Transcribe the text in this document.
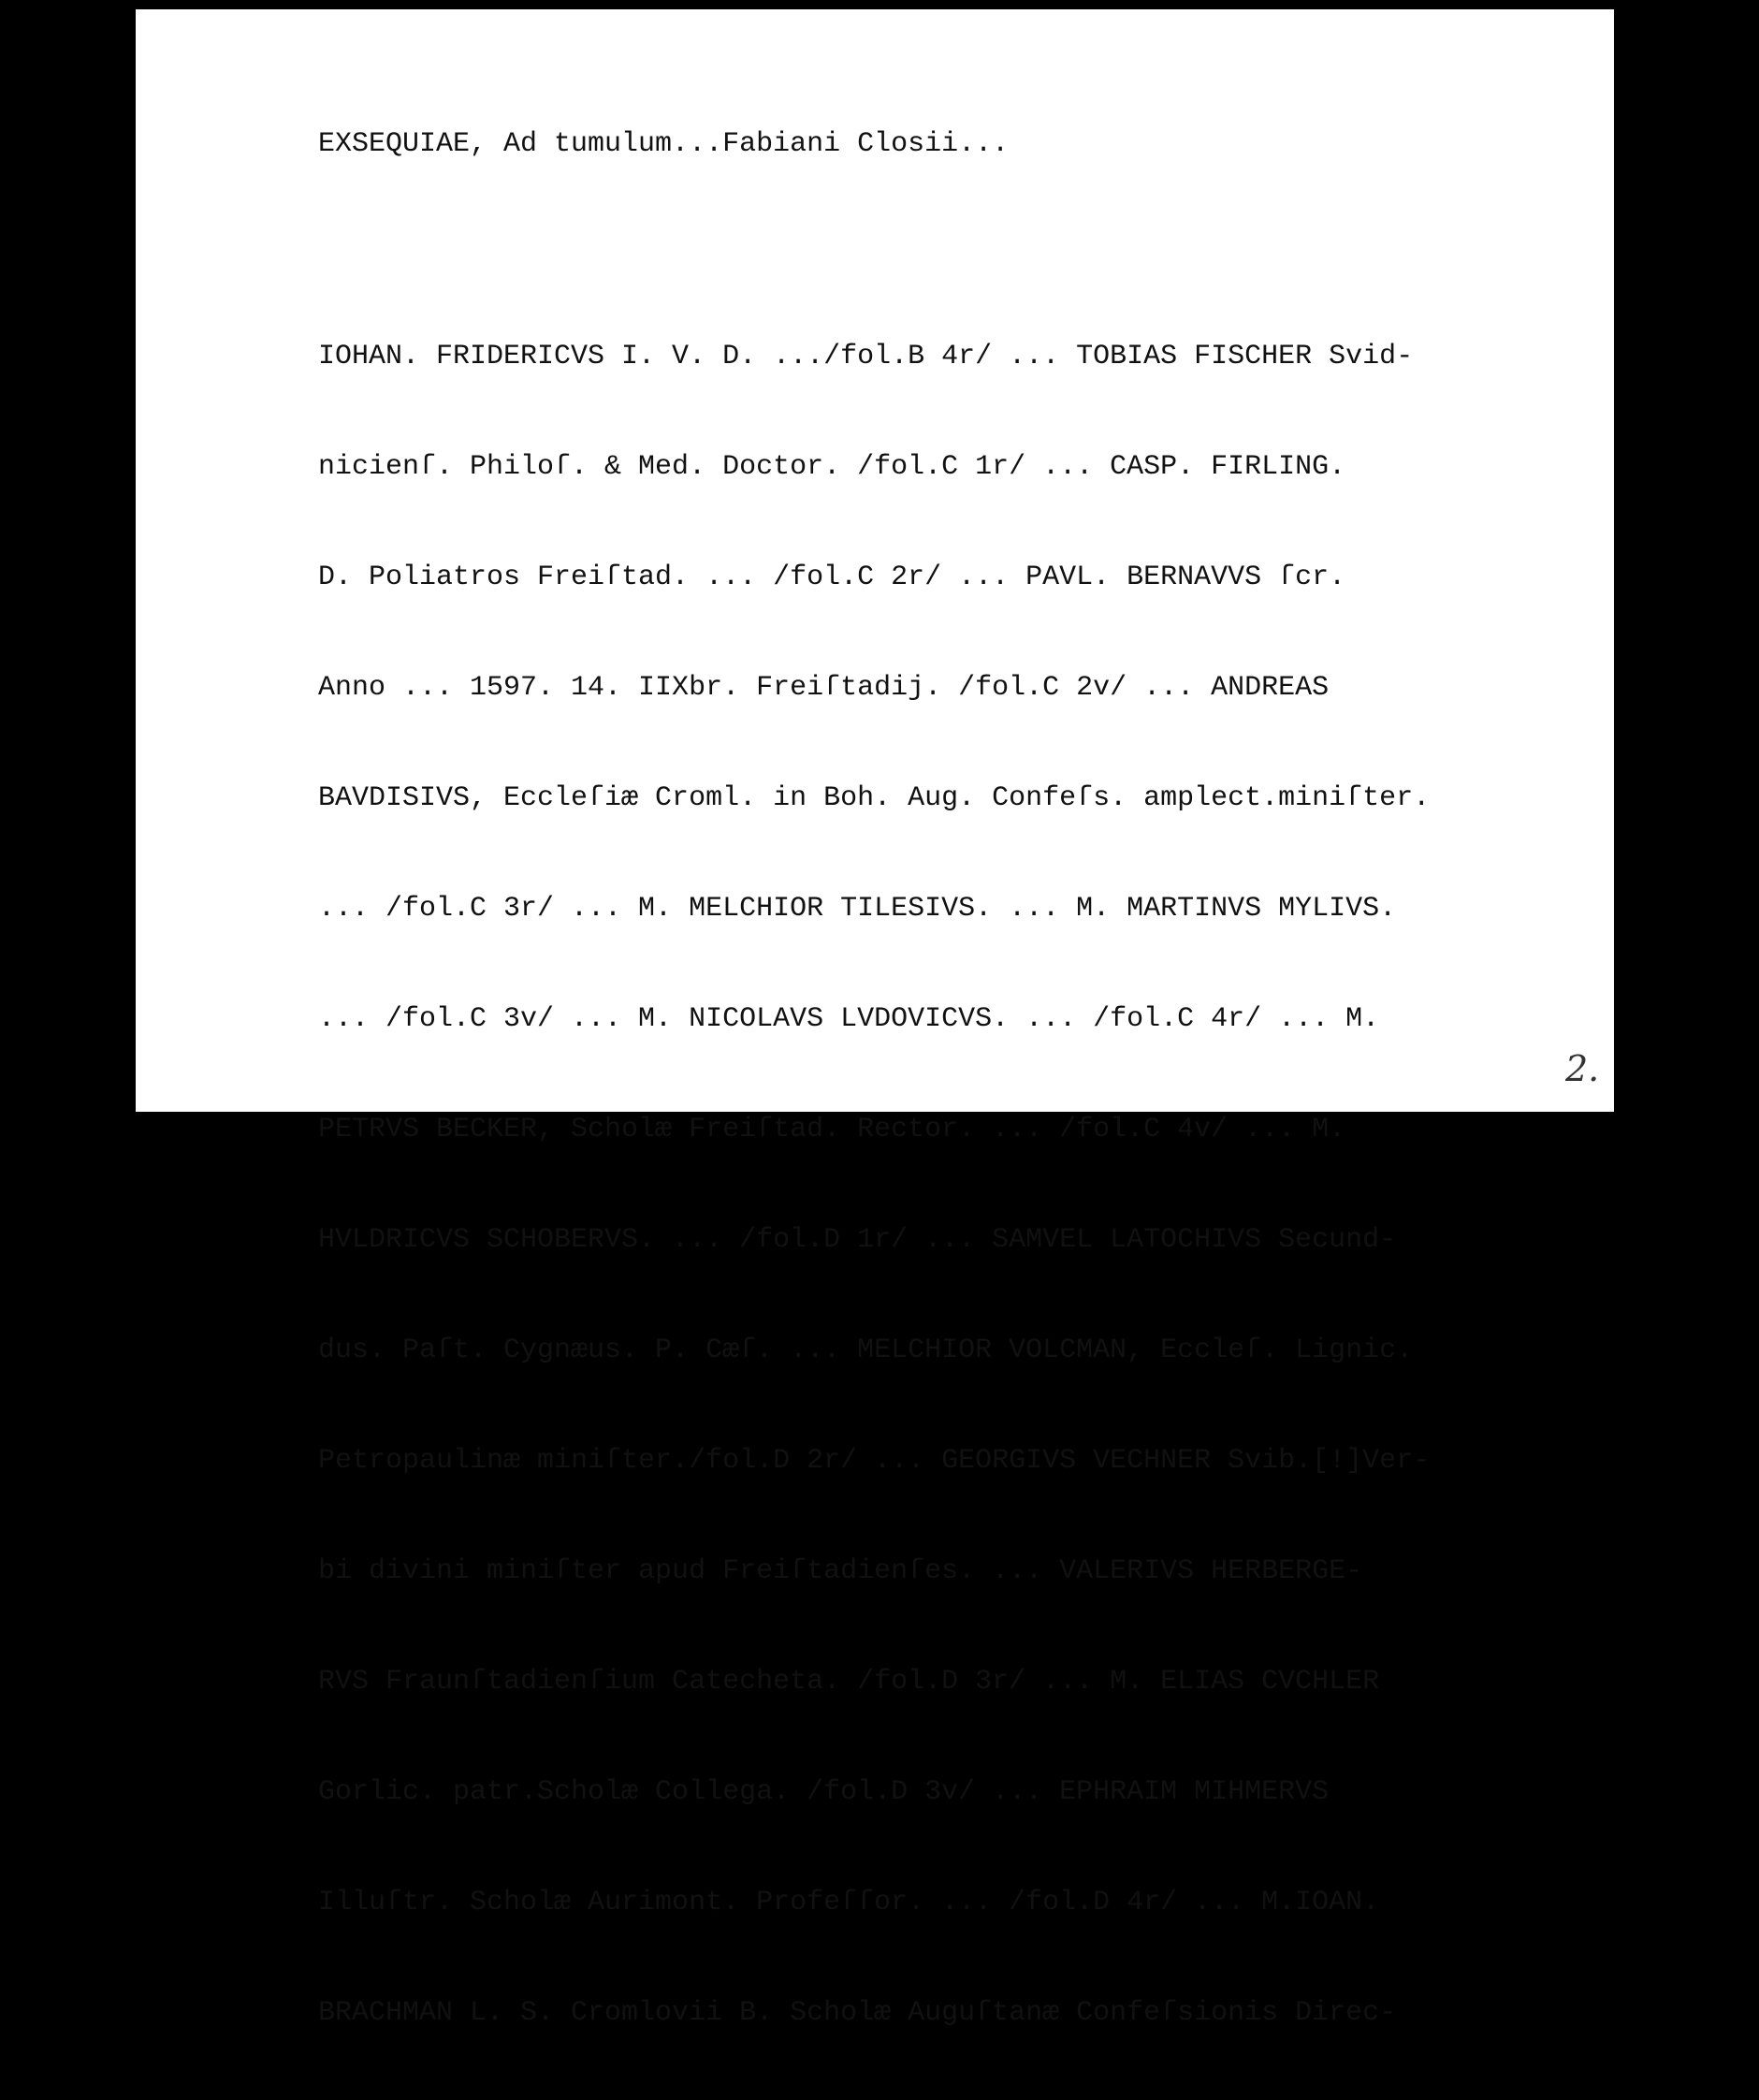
EXSEQUIAE, Ad tumulum...Fabiani Closii...

IOHAN. FRIDERICVS I. V. D. .../fol.B 4r/ ... TOBIAS FISCHER Svid-

nicienſ. Philoſ. & Med. Doctor. /fol.C 1r/ ... CASP. FIRLING.

D. Poliatros Freiſtad. ... /fol.C 2r/ ... PAVL. BERNAVVS ſcr.

Anno ... 1597. 14. IIXbr. Freiſtadij. /fol.C 2v/ ... ANDREAS

BAVDISIVS, Eccleſiæ Croml. in Boh. Aug. Confeſs. amplect.miniſter.

... /fol.C 3r/ ... M. MELCHIOR TILESIVS. ... M. MARTINVS MYLIVS.

... /fol.C 3v/ ... M. NICOLAVS LVDOVICVS. ... /fol.C 4r/ ... M.

PETRVS BECKER, Scholæ Freiſtad. Rector. ... /fol.C 4v/ ... M.

HVLDRICVS SCHOBERVS. ... /fol.D 1r/ ... SAMVEL LATOCHIVS Secund-

dus. Paſt. Cygnæus. P. Cæſ. ... MELCHIOR VOLCMAN, Eccleſ. Lignic.

Petropaulinæ miniſter./fol.D 2r/ ... GEORGIVS VECHNER Svib.[!]Ver-

bi divini miniſter apud Freiſtadienſes. ... VALERIVS HERBERGE-

RVS Fraunſtadienſium Catecheta. /fol.D 3r/ ... M. ELIAS CVCHLER

Gorlic. patr.Scholæ Collega. /fol.D 3v/ ... EPHRAIM MIHMERVS

Illuſtr. Scholæ Aurimont. Profeſſor. ... /fol.D 4r/ ... M.IOAN.

BRACHMAN L. S. Cromlovii B. Scholæ Auguſtanæ Confeſsionis Direc-

2.
